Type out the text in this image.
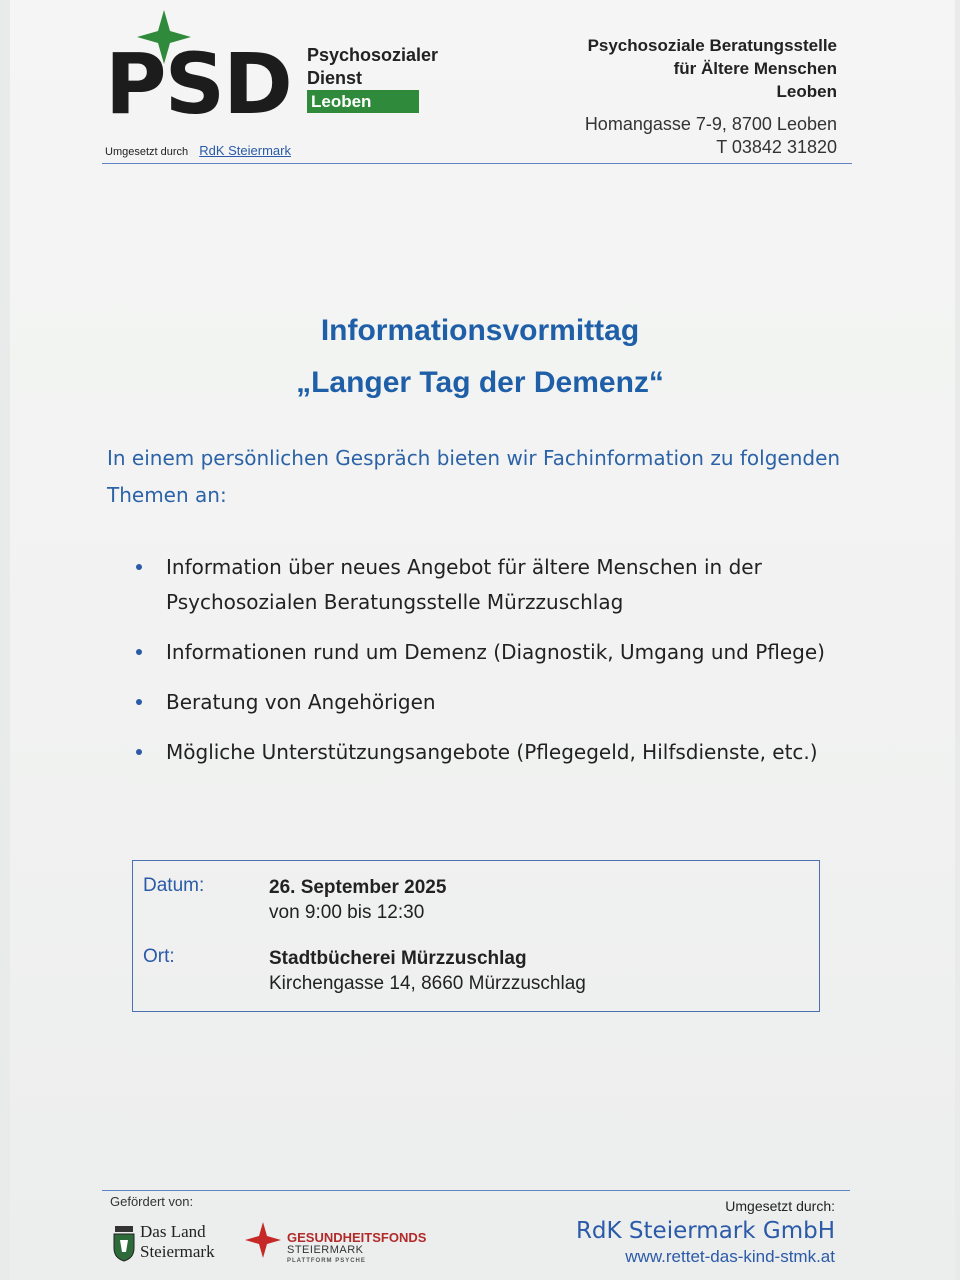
PSD Psychosozialer
Dienst
Leoben
Umgesetzt durch RdK Steiermark
Psychosoziale Beratungsstelle
für Ältere Menschen
Leoben
Homangasse 7-9, 8700 Leoben
T 03842 31820
Informationsvormittag
„Langer Tag der Demenz“
In einem persönlichen Gespräch bieten wir Fachinformation zu folgenden Themen an:
Information über neues Angebot für ältere Menschen in der Psychosozialen Beratungsstelle Mürzzuschlag
Informationen rund um Demenz (Diagnostik, Umgang und Pflege)
Beratung von Angehörigen
Mögliche Unterstützungsangebote (Pflegegeld, Hilfsdienste, etc.)
Datum:	26. September 2025
von 9:00 bis 12:30
Ort:	Stadtbücherei Mürzzuschlag
Kirchengasse 14, 8660 Mürzzuschlag
Gefördert von:
Das Land
Steiermark
GESUNDHEITSFONDS
STEIERMARK
PLATTFORM PSYCHE
Umgesetzt durch:
RdK Steiermark GmbH
www.rettet-das-kind-stmk.at
